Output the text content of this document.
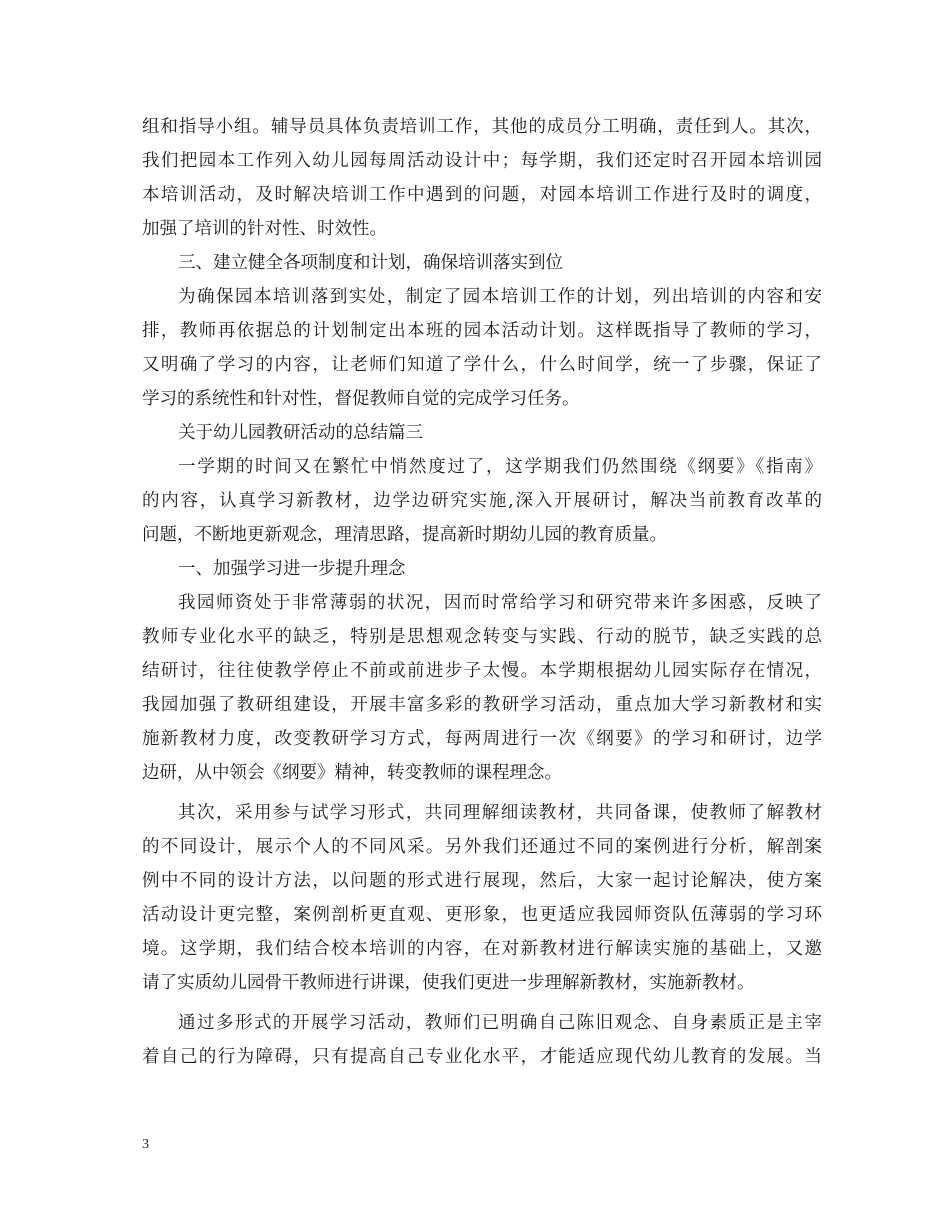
组和指导小组。辅导员具体负责培训工作，其他的成员分工明确，责任到人。其次，
我们把园本工作列入幼儿园每周活动设计中；每学期，我们还定时召开园本培训园
本培训活动，及时解决培训工作中遇到的问题，对园本培训工作进行及时的调度，
加强了培训的针对性、时效性。
三、建立健全各项制度和计划，确保培训落实到位
为确保园本培训落到实处，制定了园本培训工作的计划，列出培训的内容和安
排，教师再依据总的计划制定出本班的园本活动计划。这样既指导了教师的学习，
又明确了学习的内容，让老师们知道了学什么，什么时间学，统一了步骤，保证了
学习的系统性和针对性，督促教师自觉的完成学习任务。
关于幼儿园教研活动的总结篇三
一学期的时间又在繁忙中悄然度过了，这学期我们仍然围绕《纲要》《指南》
的内容，认真学习新教材，边学边研究实施,深入开展研讨，解决当前教育改革的
问题，不断地更新观念，理清思路，提高新时期幼儿园的教育质量。
一、加强学习进一步提升理念
我园师资处于非常薄弱的状况，因而时常给学习和研究带来许多困惑，反映了
教师专业化水平的缺乏，特别是思想观念转变与实践、行动的脱节，缺乏实践的总
结研讨，往往使教学停止不前或前进步子太慢。本学期根据幼儿园实际存在情况，
我园加强了教研组建设，开展丰富多彩的教研学习活动，重点加大学习新教材和实
施新教材力度，改变教研学习方式，每两周进行一次《纲要》的学习和研讨，边学
边研，从中领会《纲要》精神，转变教师的课程理念。
其次，采用参与试学习形式，共同理解细读教材，共同备课，使教师了解教材
的不同设计，展示个人的不同风采。另外我们还通过不同的案例进行分析，解剖案
例中不同的设计方法，以问题的形式进行展现，然后，大家一起讨论解决，使方案
活动设计更完整，案例剖析更直观、更形象，也更适应我园师资队伍薄弱的学习环
境。这学期，我们结合校本培训的内容，在对新教材进行解读实施的基础上，又邀
请了实质幼儿园骨干教师进行讲课，使我们更进一步理解新教材，实施新教材。
通过多形式的开展学习活动，教师们已明确自己陈旧观念、自身素质正是主宰
着自己的行为障碍，只有提高自己专业化水平，才能适应现代幼儿教育的发展。当
3
